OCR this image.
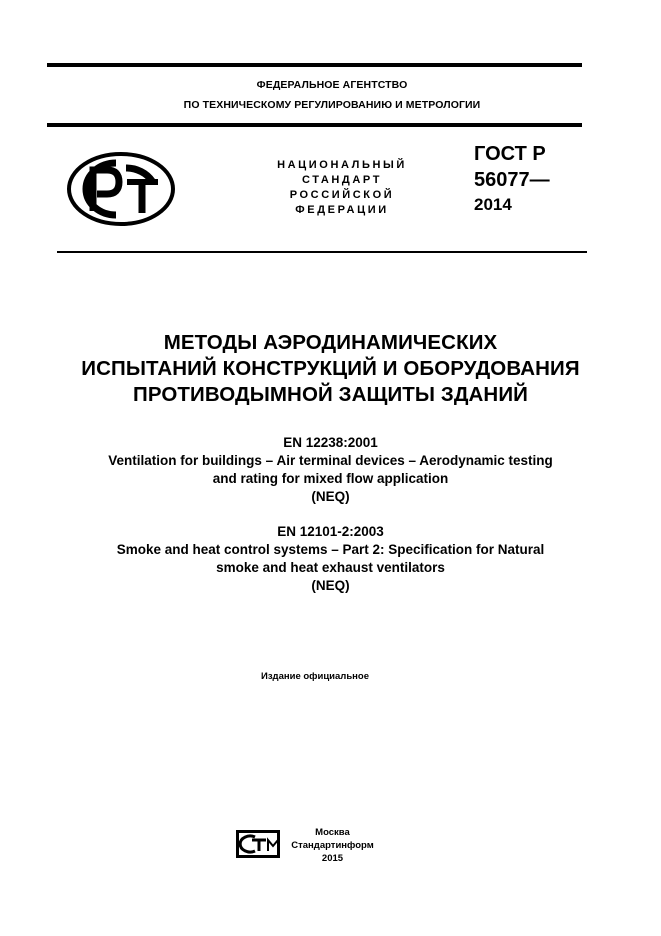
ФЕДЕРАЛЬНОЕ АГЕНТСТВО
ПО ТЕХНИЧЕСКОМУ РЕГУЛИРОВАНИЮ И МЕТРОЛОГИИ
НАЦИОНАЛЬНЫЙ
СТАНДАРТ
РОССИЙСКОЙ
ФЕДЕРАЦИИ
ГОСТ Р
56077—
2014
МЕТОДЫ АЭРОДИНАМИЧЕСКИХ
ИСПЫТАНИЙ КОНСТРУКЦИЙ И ОБОРУДОВАНИЯ
ПРОТИВОДЫМНОЙ ЗАЩИТЫ ЗДАНИЙ
EN 12238:2001
Ventilation for buildings – Air terminal devices – Aerodynamic testing
and rating for mixed flow application
(NEQ)
EN 12101-2:2003
Smoke and heat control systems – Part 2: Specification for Natural
smoke and heat exhaust ventilators
(NEQ)
Издание официальное
Москва
Стандартинформ
2015
